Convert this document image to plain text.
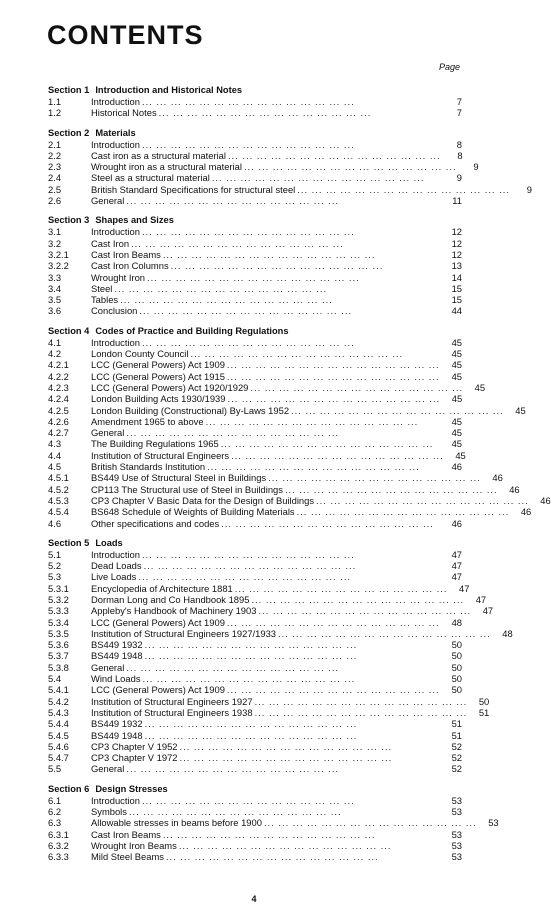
CONTENTS
Page
Section 1 Introduction and Historical Notes
1.1	Introduction ... ... ... ... ... ... ... ... ... ... ... ... ... ... ...	7
1.2	Historical Notes ... ... ... ... ... ... ... ... ... ... ... ... ... ... ...	7
Section 2 Materials
2.1	Introduction ... ... ... ... ... ... ... ... ... ... ... ... ... ... ...	8
2.2	Cast iron as a structural material ... ... ... ... ... ... ... ... ... ... ... ... ... ... ...	8
2.3	Wrought iron as a structural material ... ... ... ... ... ... ... ... ... ... ... ... ... ... ...	9
2.4	Steel as a structural material ... ... ... ... ... ... ... ... ... ... ... ... ... ... ...	9
2.5	British Standard Specifications for structural steel ... ... ... ... ... ... ... ... ... ... ... ... ... ... ...	9
2.6	General ... ... ... ... ... ... ... ... ... ... ... ... ... ... ...	11
Section 3 Shapes and Sizes
3.1	Introduction ... ... ... ... ... ... ... ... ... ... ... ... ... ... ...	12
3.2	Cast Iron ... ... ... ... ... ... ... ... ... ... ... ... ... ... ...	12
3.2.1	Cast Iron Beams ... ... ... ... ... ... ... ... ... ... ... ... ... ... ...	12
3.2.2	Cast Iron Columns ... ... ... ... ... ... ... ... ... ... ... ... ... ... ...	13
3.3	Wrought Iron ... ... ... ... ... ... ... ... ... ... ... ... ... ... ...	14
3.4	Steel ... ... ... ... ... ... ... ... ... ... ... ... ... ... ...	15
3.5	Tables ... ... ... ... ... ... ... ... ... ... ... ... ... ... ...	15
3.6	Conclusion ... ... ... ... ... ... ... ... ... ... ... ... ... ... ...	44
Section 4 Codes of Practice and Building Regulations
4.1	Introduction ... ... ... ... ... ... ... ... ... ... ... ... ... ... ...	45
4.2	London County Council ... ... ... ... ... ... ... ... ... ... ... ... ... ... ...	45
4.2.1	LCC (General Powers) Act 1909 ... ... ... ... ... ... ... ... ... ... ... ... ... ... ...	45
4.2.2	LCC (General Powers) Act 1915 ... ... ... ... ... ... ... ... ... ... ... ... ... ... ...	45
4.2.3	LCC (General Powers) Act 1920/1929 ... ... ... ... ... ... ... ... ... ... ... ... ... ... ...	45
4.2.4	London Building Acts 1930/1939 ... ... ... ... ... ... ... ... ... ... ... ... ... ... ...	45
4.2.5	London Building (Constructional) By-Laws 1952 ... ... ... ... ... ... ... ... ... ... ... ... ... ... ...	45
4.2.6	Amendment 1965 to above ... ... ... ... ... ... ... ... ... ... ... ... ... ... ...	45
4.2.7	General ... ... ... ... ... ... ... ... ... ... ... ... ... ... ...	45
4.3	The Building Regulations 1965 ... ... ... ... ... ... ... ... ... ... ... ... ... ... ...	45
4.4	Institution of Structural Engineers ... ... ... ... ... ... ... ... ... ... ... ... ... ... ...	45
4.5	British Standards Institution ... ... ... ... ... ... ... ... ... ... ... ... ... ... ...	46
4.5.1	BS449 Use of Structural Steel in Buildings ... ... ... ... ... ... ... ... ... ... ... ... ... ... ...	46
4.5.2	CP113 The Structural use of Steel in Buildings ... ... ... ... ... ... ... ... ... ... ... ... ... ... ...	46
4.5.3	CP3 Chapter V Basic Data for the Design of Buildings ... ... ... ... ... ... ... ... ... ... ... ... ... ... ...	46
4.5.4	BS648 Schedule of Weights of Building Materials ... ... ... ... ... ... ... ... ... ... ... ... ... ... ...	46
4.6	Other specifications and codes ... ... ... ... ... ... ... ... ... ... ... ... ... ... ...	46
Section 5 Loads
5.1	Introduction ... ... ... ... ... ... ... ... ... ... ... ... ... ... ...	47
5.2	Dead Loads ... ... ... ... ... ... ... ... ... ... ... ... ... ... ...	47
5.3	Live Loads ... ... ... ... ... ... ... ... ... ... ... ... ... ... ...	47
5.3.1	Encyclopedia of Architecture 1881 ... ... ... ... ... ... ... ... ... ... ... ... ... ... ...	47
5.3.2	Dorman Long and Co Handbook 1895 ... ... ... ... ... ... ... ... ... ... ... ... ... ... ...	47
5.3.3	Appleby's Handbook of Machinery 1903 ... ... ... ... ... ... ... ... ... ... ... ... ... ... ...	47
5.3.4	LCC (General Powers) Act 1909 ... ... ... ... ... ... ... ... ... ... ... ... ... ... ...	48
5.3.5	Institution of Structural Engineers 1927/1933 ... ... ... ... ... ... ... ... ... ... ... ... ... ... ...	48
5.3.6	BS449 1932 ... ... ... ... ... ... ... ... ... ... ... ... ... ... ...	50
5.3.7	BS449 1948 ... ... ... ... ... ... ... ... ... ... ... ... ... ... ...	50
5.3.8	General ... ... ... ... ... ... ... ... ... ... ... ... ... ... ...	50
5.4	Wind Loads ... ... ... ... ... ... ... ... ... ... ... ... ... ... ...	50
5.4.1	LCC (General Powers) Act 1909 ... ... ... ... ... ... ... ... ... ... ... ... ... ... ...	50
5.4.2	Institution of Structural Engineers 1927 ... ... ... ... ... ... ... ... ... ... ... ... ... ... ...	50
5.4.3	Institution of Structural Engineers 1938 ... ... ... ... ... ... ... ... ... ... ... ... ... ... ...	51
5.4.4	BS449 1932 ... ... ... ... ... ... ... ... ... ... ... ... ... ... ...	51
5.4.5	BS449 1948 ... ... ... ... ... ... ... ... ... ... ... ... ... ... ...	51
5.4.6	CP3 Chapter V 1952 ... ... ... ... ... ... ... ... ... ... ... ... ... ... ...	52
5.4.7	CP3 Chapter V 1972 ... ... ... ... ... ... ... ... ... ... ... ... ... ... ...	52
5.5	General ... ... ... ... ... ... ... ... ... ... ... ... ... ... ...	52
Section 6 Design Stresses
6.1	Introduction ... ... ... ... ... ... ... ... ... ... ... ... ... ... ...	53
6.2	Symbols ... ... ... ... ... ... ... ... ... ... ... ... ... ... ...	53
6.3	Allowable stresses in beams before 1900 ... ... ... ... ... ... ... ... ... ... ... ... ... ... ...	53
6.3.1	Cast Iron Beams ... ... ... ... ... ... ... ... ... ... ... ... ... ... ...	53
6.3.2	Wrought Iron Beams ... ... ... ... ... ... ... ... ... ... ... ... ... ... ...	53
6.3.3	Mild Steel Beams ... ... ... ... ... ... ... ... ... ... ... ... ... ... ...	53
4
